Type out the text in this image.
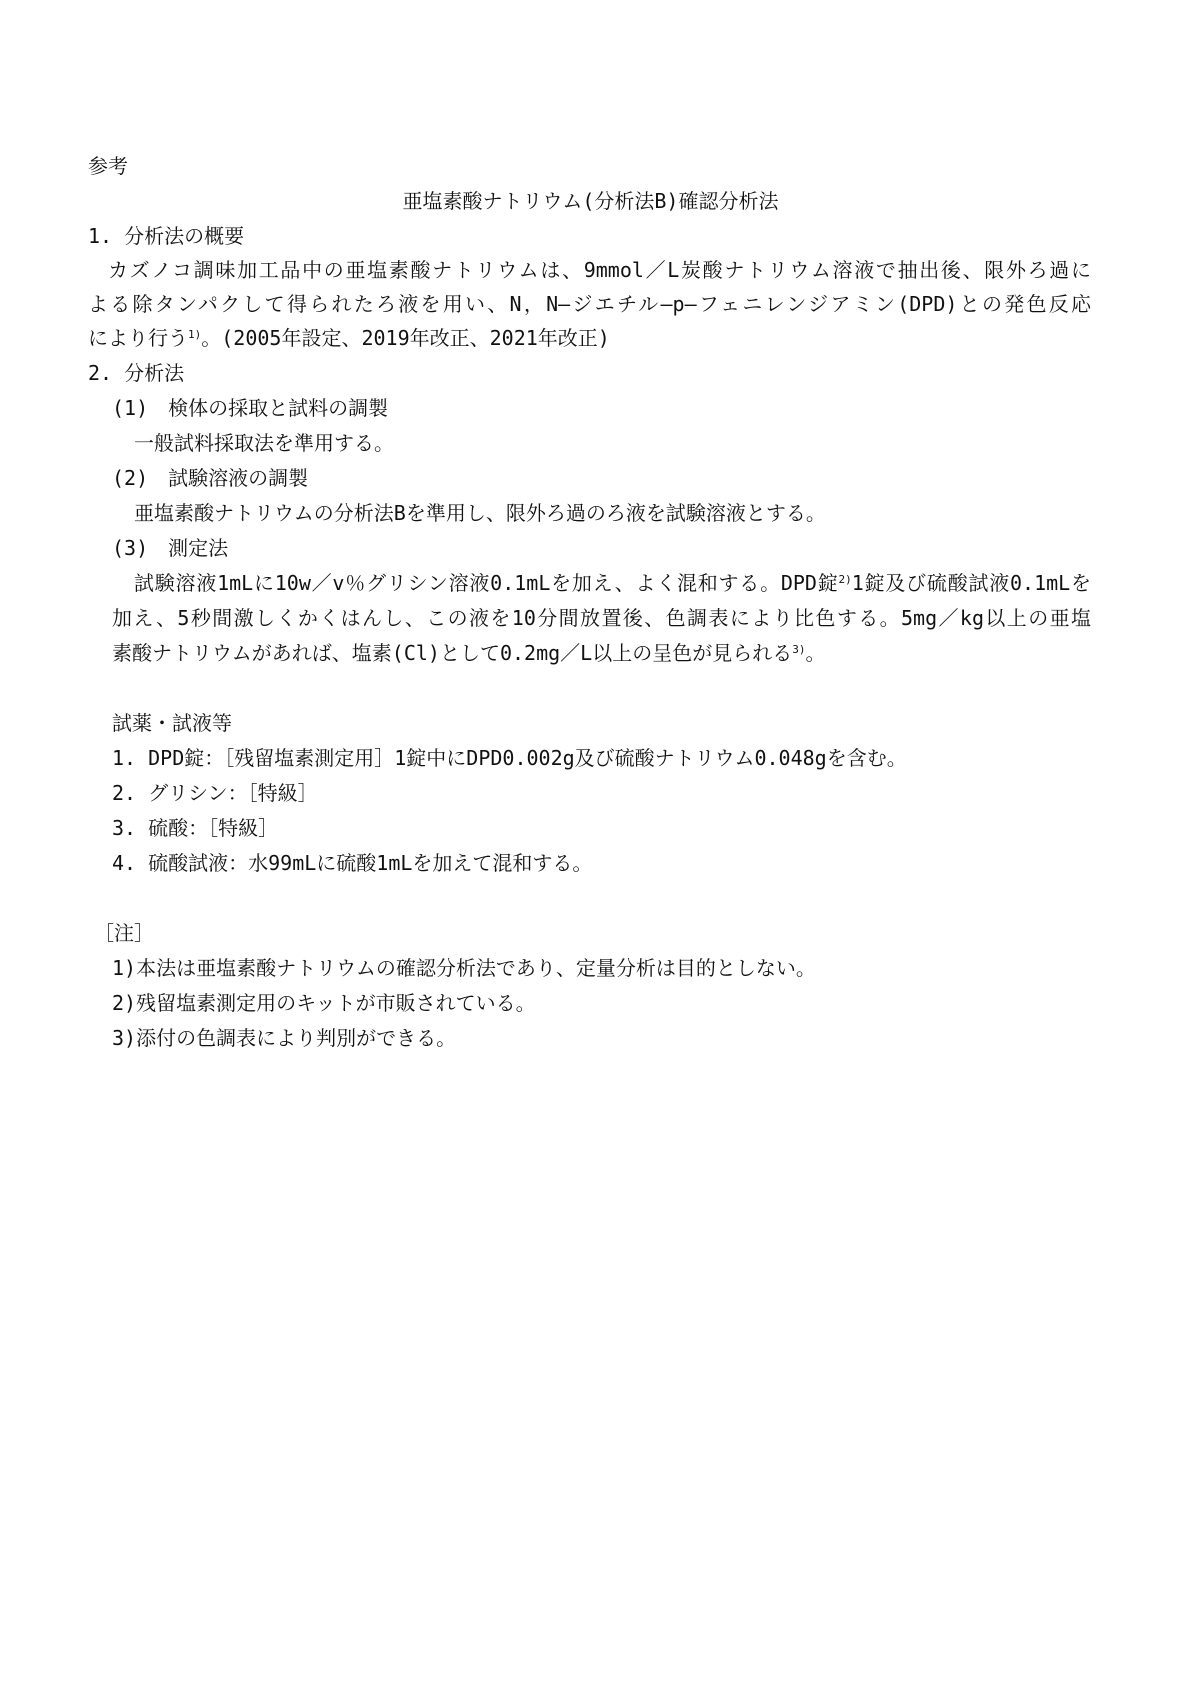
参考
亜塩素酸ナトリウム(分析法B)確認分析法
1. 分析法の概要
カズノコ調味加工品中の亜塩素酸ナトリウムは、9mmol／L炭酸ナトリウム溶液で抽出後、限外ろ過に
よる除タンパクして得られたろ液を用い、N，N―ジエチル―p―フェニレンジアミン(DPD)との発色反応
により行う$^{1)}$。(2005年設定、2019年改正、2021年改正)
2. 分析法
(1)　検体の採取と試料の調製
一般試料採取法を準用する。
(2)　試験溶液の調製
亜塩素酸ナトリウムの分析法Bを準用し、限外ろ過のろ液を試験溶液とする。
(3)　測定法
試験溶液1mLに10w／v％グリシン溶液0.1mLを加え、よく混和する。DPD錠$^{2)}$1錠及び硫酸試液0.1mLを
加え、5秒間激しくかくはんし、この液を10分間放置後、色調表により比色する。5mg／kg以上の亜塩
素酸ナトリウムがあれば、塩素(Cl)として0.2mg／L以上の呈色が見られる$^{3)}$。
試薬・試液等
1. DPD錠：［残留塩素測定用］1錠中にDPD0.002g及び硫酸ナトリウム0.048gを含む。
2. グリシン：［特級］
3. 硫酸：［特級］
4. 硫酸試液：水99mLに硫酸1mLを加えて混和する。
［注］
1)本法は亜塩素酸ナトリウムの確認分析法であり、定量分析は目的としない。
2)残留塩素測定用のキットが市販されている。
3)添付の色調表により判別ができる。
